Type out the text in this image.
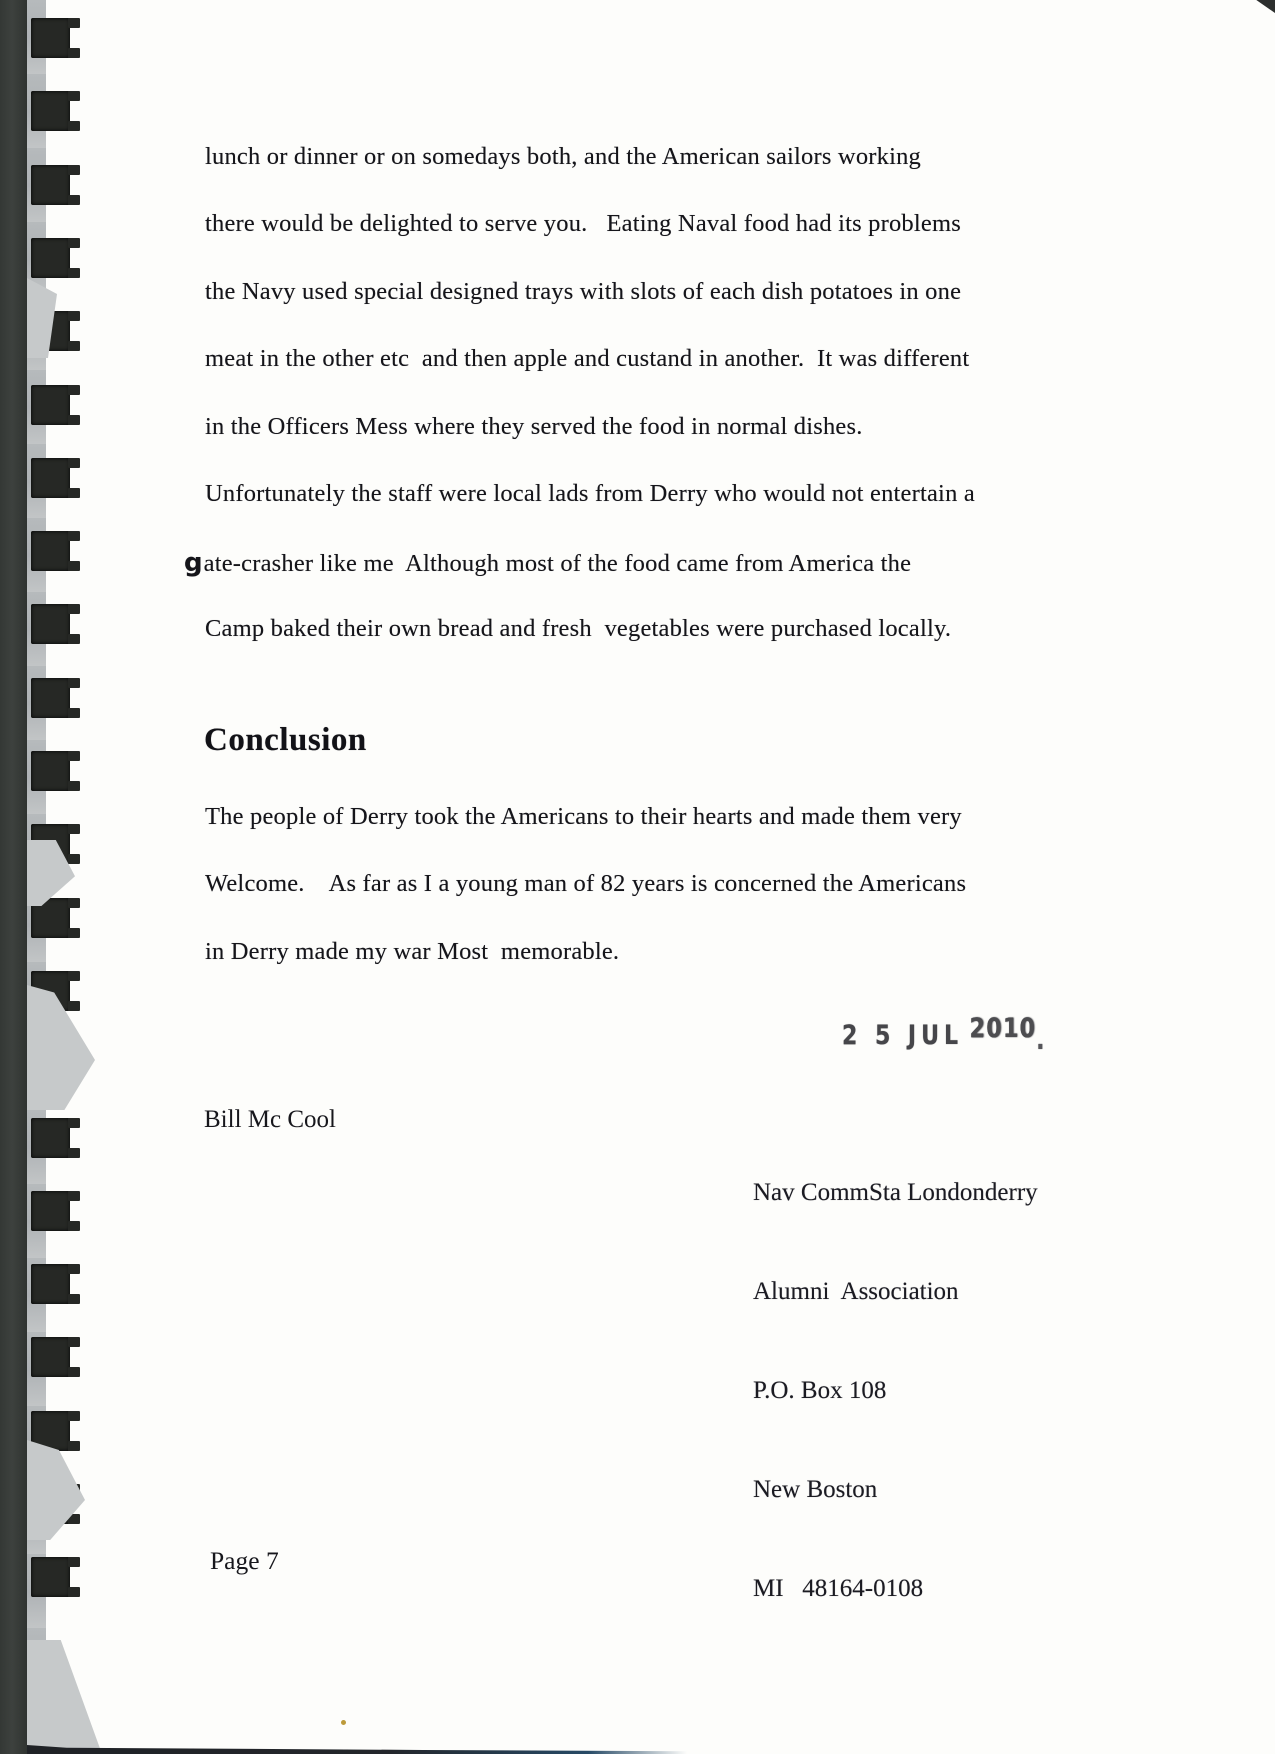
lunch or dinner or on somedays both, and the American sailors working
there would be delighted to serve you.   Eating Naval food had its problems
the Navy used special designed trays with slots of each dish potatoes in one
meat in the other etc  and then apple and custand in another.  It was different
in the Officers Mess where they served the food in normal dishes.
Unfortunately the staff were local lads from Derry who would not entertain a
gate-crasher like me  Although most of the food came from America the
Camp baked their own bread and fresh  vegetables were purchased locally.
Conclusion
The people of Derry took the Americans to their hearts and made them very
Welcome.    As far as I a young man of 82 years is concerned the Americans
in Derry made my war Most  memorable.
2 5 JUL 2010.
Bill Mc Cool

Nav CommSta Londonderry

Alumni  Association

P.O. Box 108

New Boston

MI   48164-0108

Page 7
